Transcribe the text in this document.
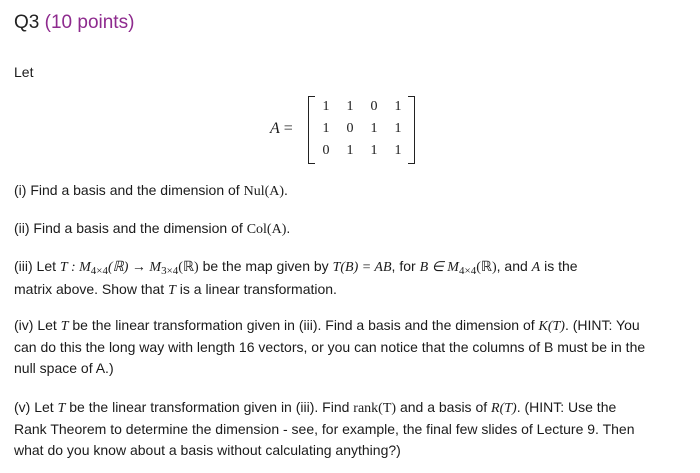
Q3 (10 points)
Let
A =
1	1	0	1
1	0	1	1
0	1	1	1
(i) Find a basis and the dimension of Nul(A).
(ii) Find a basis and the dimension of Col(A).
(iii) Let T : $M_{4\times 4}(ℝ)$ → $M_{3\times 4}(ℝ)$ be the map given by T(B) = AB, for B ∈ $M_{4\times 4}(ℝ)$, and A is the
matrix above. Show that T is a linear transformation.
(iv) Let T be the linear transformation given in (iii). Find a basis and the dimension of K(T). (HINT: You
can do this the long way with length 16 vectors, or you can notice that the columns of B must be in the
null space of A.)
(v) Let T be the linear transformation given in (iii). Find rank(T) and a basis of R(T). (HINT: Use the
Rank Theorem to determine the dimension - see, for example, the final few slides of Lecture 9. Then
what do you know about a basis without calculating anything?)
